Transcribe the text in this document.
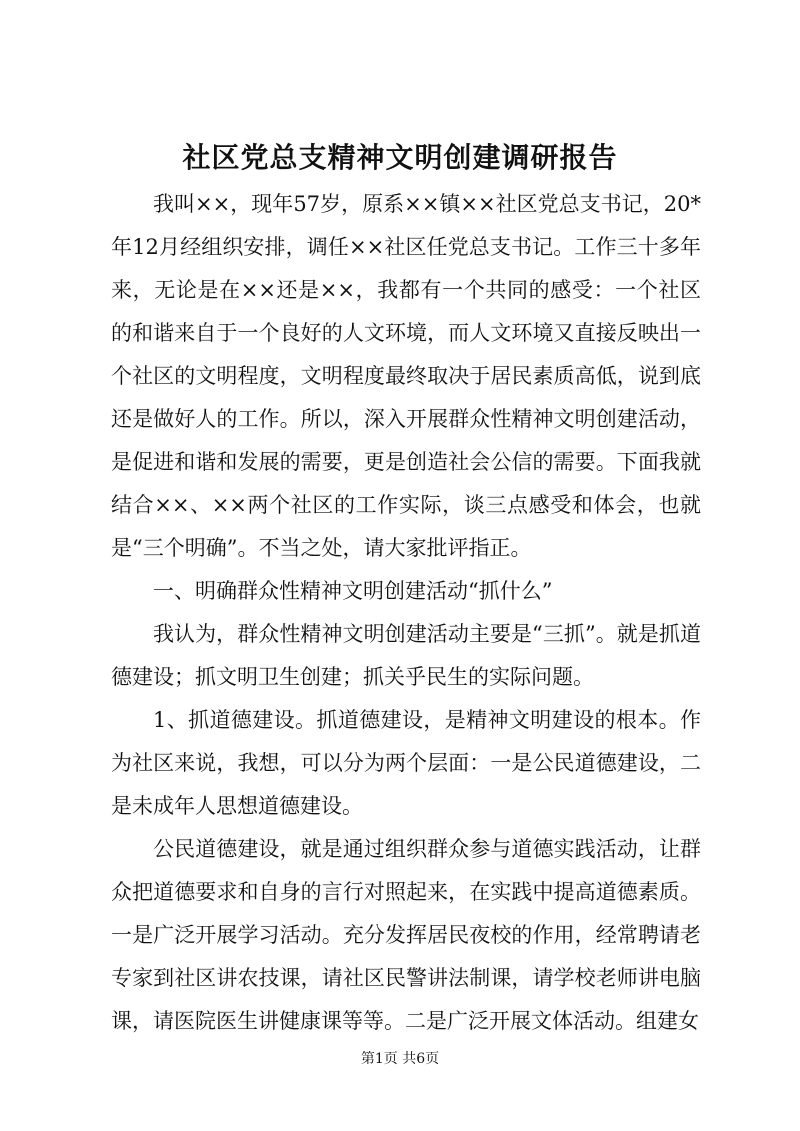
社区党总支精神文明创建调研报告

我叫××，现年57岁，原系××镇××社区党总支书记，20*年12月经组织安排，调任××社区任党总支书记。工作三十多年来，无论是在××还是××，我都有一个共同的感受：一个社区的和谐来自于一个良好的人文环境，而人文环境又直接反映出一个社区的文明程度，文明程度最终取决于居民素质高低，说到底还是做好人的工作。所以，深入开展群众性精神文明创建活动，是促进和谐和发展的需要，更是创造社会公信的需要。下面我就结合××、××两个社区的工作实际，谈三点感受和体会，也就是“三个明确”。不当之处，请大家批评指正。

一、明确群众性精神文明创建活动“抓什么”

我认为，群众性精神文明创建活动主要是“三抓”。就是抓道德建设；抓文明卫生创建；抓关乎民生的实际问题。

1、抓道德建设。抓道德建设，是精神文明建设的根本。作为社区来说，我想，可以分为两个层面：一是公民道德建设，二是未成年人思想道德建设。

公民道德建设，就是通过组织群众参与道德实践活动，让群众把道德要求和自身的言行对照起来，在实践中提高道德素质。一是广泛开展学习活动。充分发挥居民夜校的作用，经常聘请老专家到社区讲农技课，请社区民警讲法制课，请学校老师讲电脑课，请医院医生讲健康课等等。二是广泛开展文体活动。组建女

第1页 共6页
